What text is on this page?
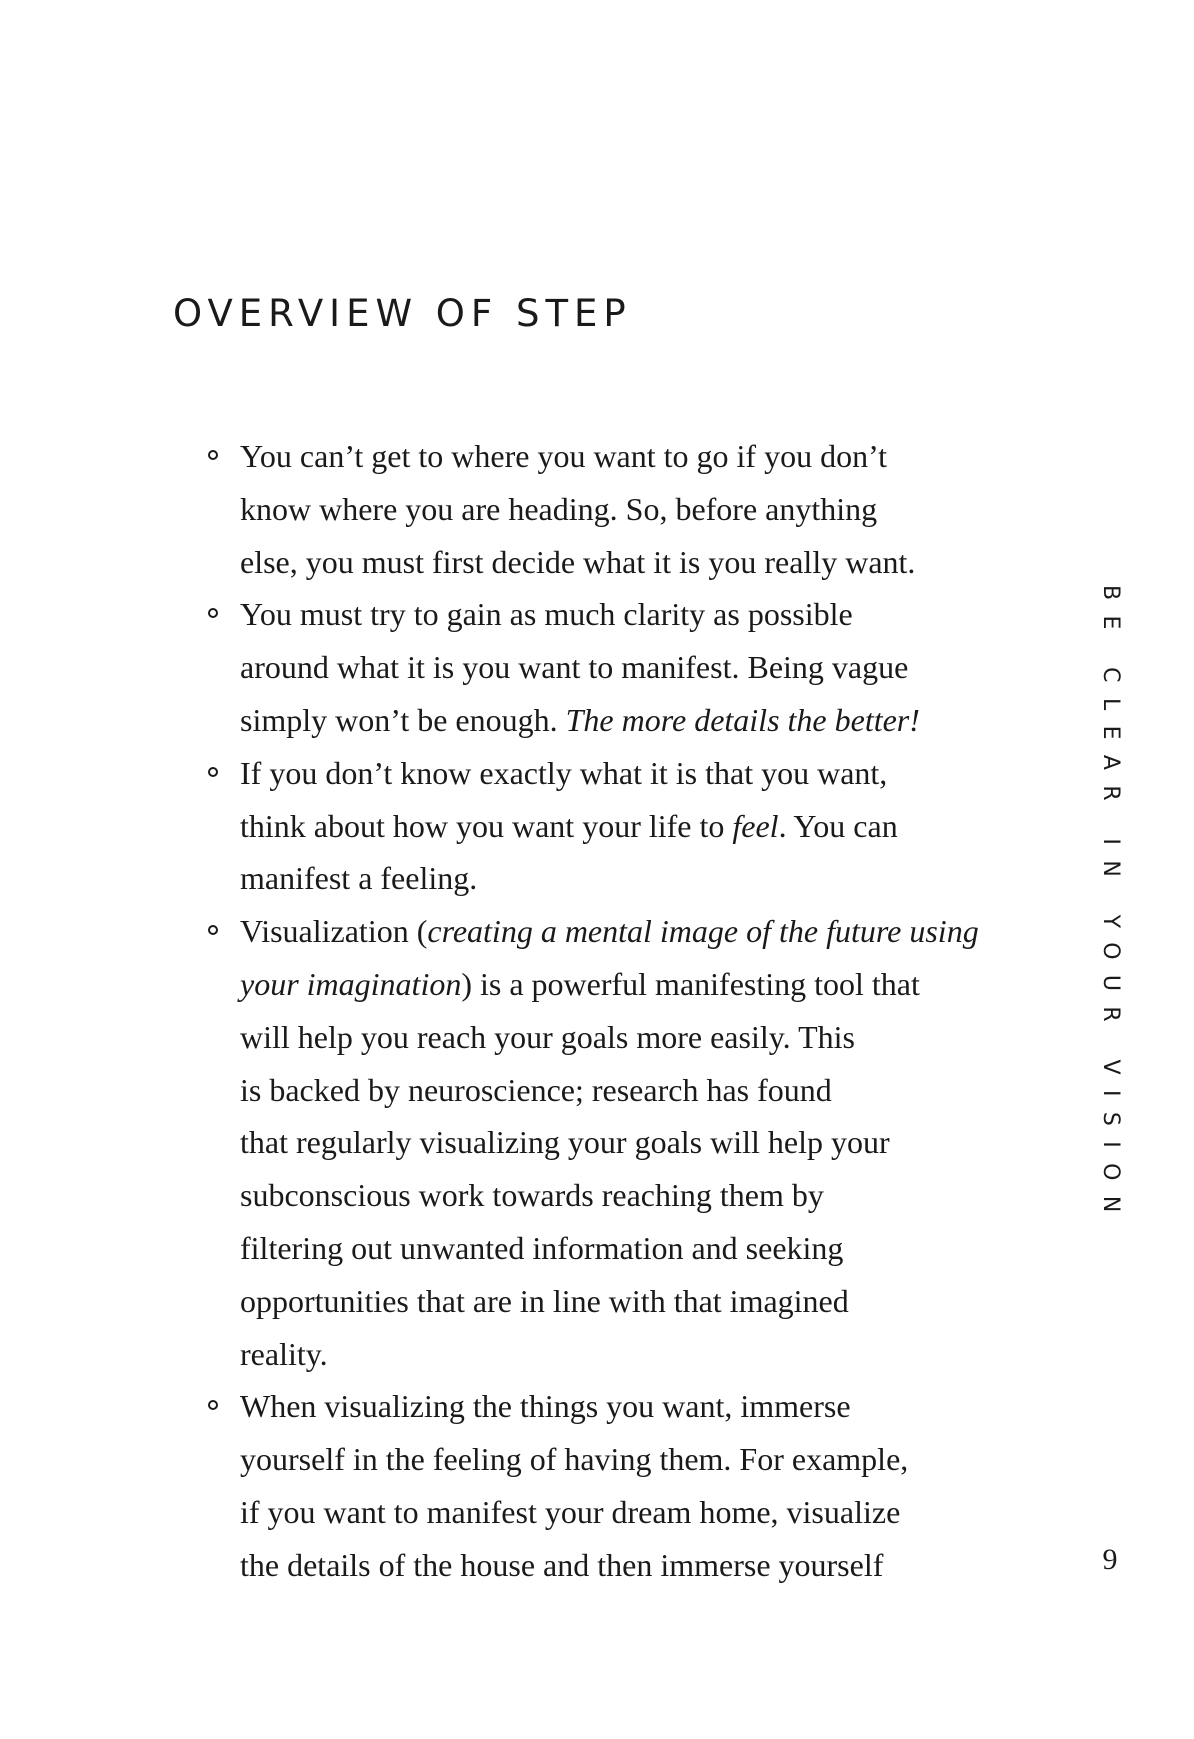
OVERVIEW OF STEP
You can’t get to where you want to go if you don’t
know where you are heading. So, before anything
else, you must first decide what it is you really want.
You must try to gain as much clarity as possible
around what it is you want to manifest. Being vague
simply won’t be enough. The more details the better!
If you don’t know exactly what it is that you want,
think about how you want your life to feel. You can
manifest a feeling.
Visualization (creating a mental image of the future using
your imagination) is a powerful manifesting tool that
will help you reach your goals more easily. This
is backed by neuroscience; research has found
that regularly visualizing your goals will help your
subconscious work towards reaching them by
filtering out unwanted information and seeking
opportunities that are in line with that imagined
reality.
When visualizing the things you want, immerse
yourself in the feeling of having them. For example,
if you want to manifest your dream home, visualize
the details of the house and then immerse yourself
BE CLEAR IN YOUR VISION
9
